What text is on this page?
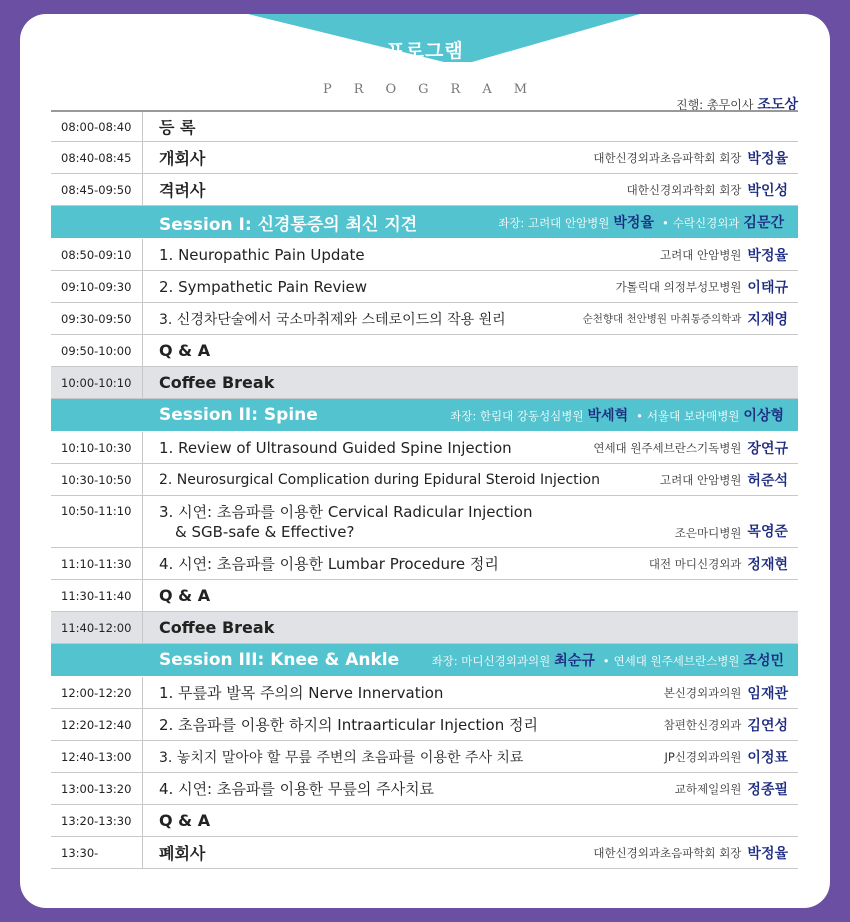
프로그램
PROGRAM
진행: 총무이사 조도상
08:00-08:40	등 록
08:40-08:45	개회사	대한신경외과초음파학회 회장 박정율
08:45-09:50	격려사	대한신경외과학회 회장 박인성
Session I: 신경통증의 최신 지견	좌장: 고려대 안암병원 박정율 • 수락신경외과 김문간
08:50-09:10	1. Neuropathic Pain Update	고려대 안암병원 박정율
09:10-09:30	2. Sympathetic Pain Review	가톨릭대 의정부성모병원 이태규
09:30-09:50	3. 신경차단술에서 국소마취제와 스테로이드의 작용 원리	순천향대 천안병원 마취통증의학과 지재영
09:50-10:00	Q & A
10:00-10:10	Coffee Break
Session II: Spine	좌장: 한림대 강동성심병원 박세혁 • 서울대 보라매병원 이상형
10:10-10:30	1. Review of Ultrasound Guided Spine Injection	연세대 원주세브란스기독병원 장연규
10:30-10:50	2. Neurosurgical Complication during Epidural Steroid Injection	고려대 안암병원 허준석
10:50-11:10	3. 시연: 초음파를 이용한 Cervical Radicular Injection
& SGB-safe & Effective?	조은마디병원 목영준
11:10-11:30	4. 시연: 초음파를 이용한 Lumbar Procedure 정리	대전 마디신경외과 정재현
11:30-11:40	Q & A
11:40-12:00	Coffee Break
Session III: Knee & Ankle	좌장: 마디신경외과의원 최순규 • 연세대 원주세브란스병원 조성민
12:00-12:20	1. 무릎과 발목 주의의 Nerve Innervation	본신경외과의원 임재관
12:20-12:40	2. 초음파를 이용한 하지의 Intraarticular Injection 정리	참편한신경외과 김연성
12:40-13:00	3. 놓치지 말아야 할 무릎 주변의 초음파를 이용한 주사 치료	JP신경외과의원 이정표
13:00-13:20	4. 시연: 초음파를 이용한 무릎의 주사치료	교하제일의원 정종필
13:20-13:30	Q & A
13:30-	폐회사	대한신경외과초음파학회 회장 박정율
